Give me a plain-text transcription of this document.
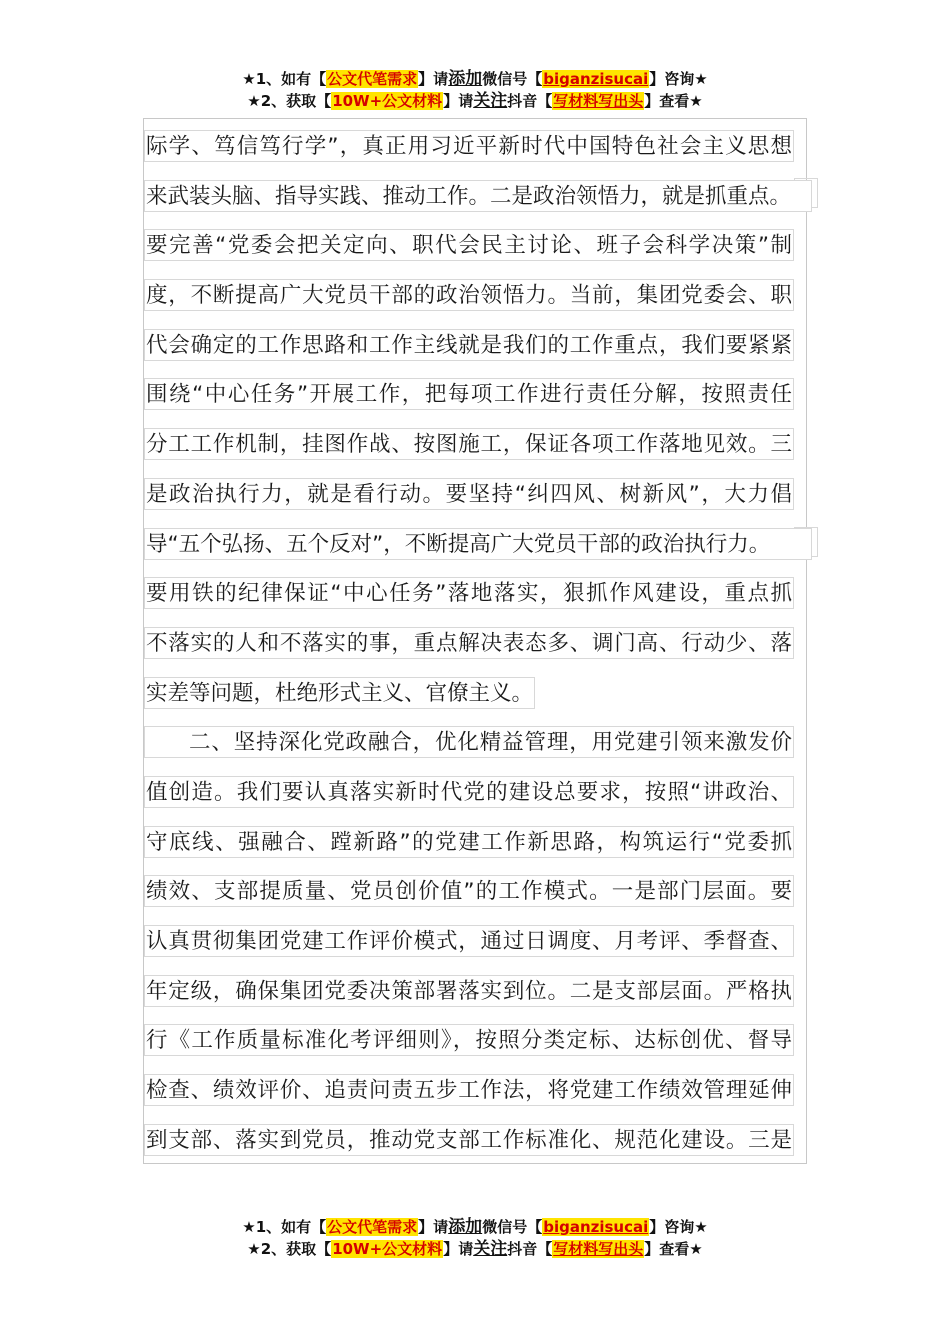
★1、如有【公文代笔需求】请添加微信号【biganzisucai】咨询★
★2、获取【10W+公文材料】请关注抖音【写材料写出头】查看★
际学、笃信笃行学”，真正用习近平新时代中国特色社会主义思想
来武装头脑、指导实践、推动工作。二是政治领悟力，就是抓重点。
要完善“党委会把关定向、职代会民主讨论、班子会科学决策”制
度，不断提高广大党员干部的政治领悟力。当前，集团党委会、职
代会确定的工作思路和工作主线就是我们的工作重点，我们要紧紧
围绕“中心任务”开展工作，把每项工作进行责任分解，按照责任
分工工作机制，挂图作战、按图施工，保证各项工作落地见效。三
是政治执行力，就是看行动。要坚持“纠四风、树新风”，大力倡
导“五个弘扬、五个反对”，不断提高广大党员干部的政治执行力。
要用铁的纪律保证“中心任务”落地落实，狠抓作风建设，重点抓
不落实的人和不落实的事，重点解决表态多、调门高、行动少、落
实差等问题，杜绝形式主义、官僚主义。
二、坚持深化党政融合，优化精益管理，用党建引领来激发价
值创造。我们要认真落实新时代党的建设总要求，按照“讲政治、
守底线、强融合、蹚新路”的党建工作新思路，构筑运行“党委抓
绩效、支部提质量、党员创价值”的工作模式。一是部门层面。要
认真贯彻集团党建工作评价模式，通过日调度、月考评、季督查、
年定级，确保集团党委决策部署落实到位。二是支部层面。严格执
行《工作质量标准化考评细则》，按照分类定标、达标创优、督导
检查、绩效评价、追责问责五步工作法，将党建工作绩效管理延伸
到支部、落实到党员，推动党支部工作标准化、规范化建设。三是
★1、如有【公文代笔需求】请添加微信号【biganzisucai】咨询★
★2、获取【10W+公文材料】请关注抖音【写材料写出头】查看★
